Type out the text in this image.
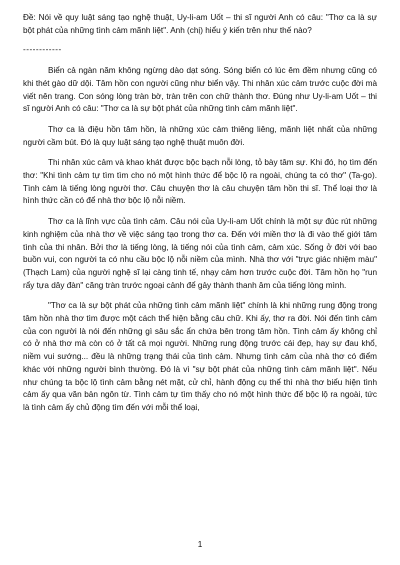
Đề: Nói về quy luật sáng tạo nghệ thuật, Uy-li-am Uốt – thi sĩ người Anh có câu: "Thơ ca là sự bột phát của những tình cảm mãnh liệt". Anh (chị) hiểu ý kiến trên như thế nào?

------------

Biển cả ngàn năm không ngừng dào dạt sóng. Sóng biển có lúc êm đềm nhưng cũng có khi thét gào dữ dội. Tâm hồn con người cũng như biển vậy. Thi nhân xúc cảm trước cuộc đời mà viết nên trang. Con sóng lòng tràn bờ, tràn trên con chữ thành thơ. Đúng như Uy-li-am Uốt – thi sĩ người Anh có câu: "Thơ ca là sự bột phát của những tình cảm mãnh liệt".

Thơ ca là điệu hồn tâm hồn, là những xúc cảm thiêng liêng, mãnh liệt nhất của những người cầm bút. Đó là quy luật sáng tạo nghệ thuật muôn đời.

Thi nhân xúc cảm và khao khát được bộc bạch nỗi lòng, tỏ bày tâm sự. Khi đó, họ tìm đến thơ: "Khi tình cảm tự tìm tìm cho nó một hình thức để bộc lộ ra ngoài, chúng ta có thơ" (Ta-go). Tình cảm là tiếng lòng người thơ. Câu chuyện thơ là câu chuyện tâm hồn thi sĩ. Thể loại thơ là hình thức cần có để nhà thơ bộc lộ nỗi niềm.

Thơ ca là lĩnh vực của tình cảm. Câu nói của Uy-li-am Uốt chính là một sự đúc rút những kinh nghiệm của nhà thơ về việc sáng tạo trong thơ ca. Đến với miền thơ là đi vào thế giới tâm tình của thi nhân. Bởi thơ là tiếng lòng, là tiếng nói của tình cảm, cảm xúc. Sống ở đời với bao buồn vui, con người ta có nhu cầu bộc lộ nỗi niềm của mình. Nhà thơ với "trực giác nhiệm màu" (Thạch Lam) của người nghệ sĩ lại càng tinh tế, nhạy cảm hơn trước cuộc đời. Tâm hồn họ "run rẩy tựa dây đàn" căng tràn trước ngoại cảnh để gảy thành thanh âm của tiếng lòng mình.

"Thơ ca là sự bột phát của những tình cảm mãnh liệt" chính là khi những rung động trong tâm hồn nhà thơ tìm được một cách thể hiện bằng câu chữ. Khi ấy, thơ ra đời. Nói đến tình cảm của con người là nói đến những gì sâu sắc ẩn chứa bên trong tâm hồn. Tình cảm ấy không chỉ có ở nhà thơ mà còn có ở tất cả mọi người. Những rung động trước cái đẹp, hay sự đau khổ, niềm vui sướng... đều là những trạng thái của tình cảm. Nhưng tình cảm của nhà thơ có điểm khác với những người bình thường. Đó là vì "sự bột phát của những tình cảm mãnh liệt". Nếu như chúng ta bộc lộ tình cảm bằng nét mặt, cử chỉ, hành động cụ thể thì nhà thơ biểu hiện tình cảm ấy qua văn bản ngôn từ. Tình cảm tự tìm thấy cho nó một hình thức để bộc lộ ra ngoài, tức là tình cảm ấy chủ động tìm đến với mỗi thể loại,

1
